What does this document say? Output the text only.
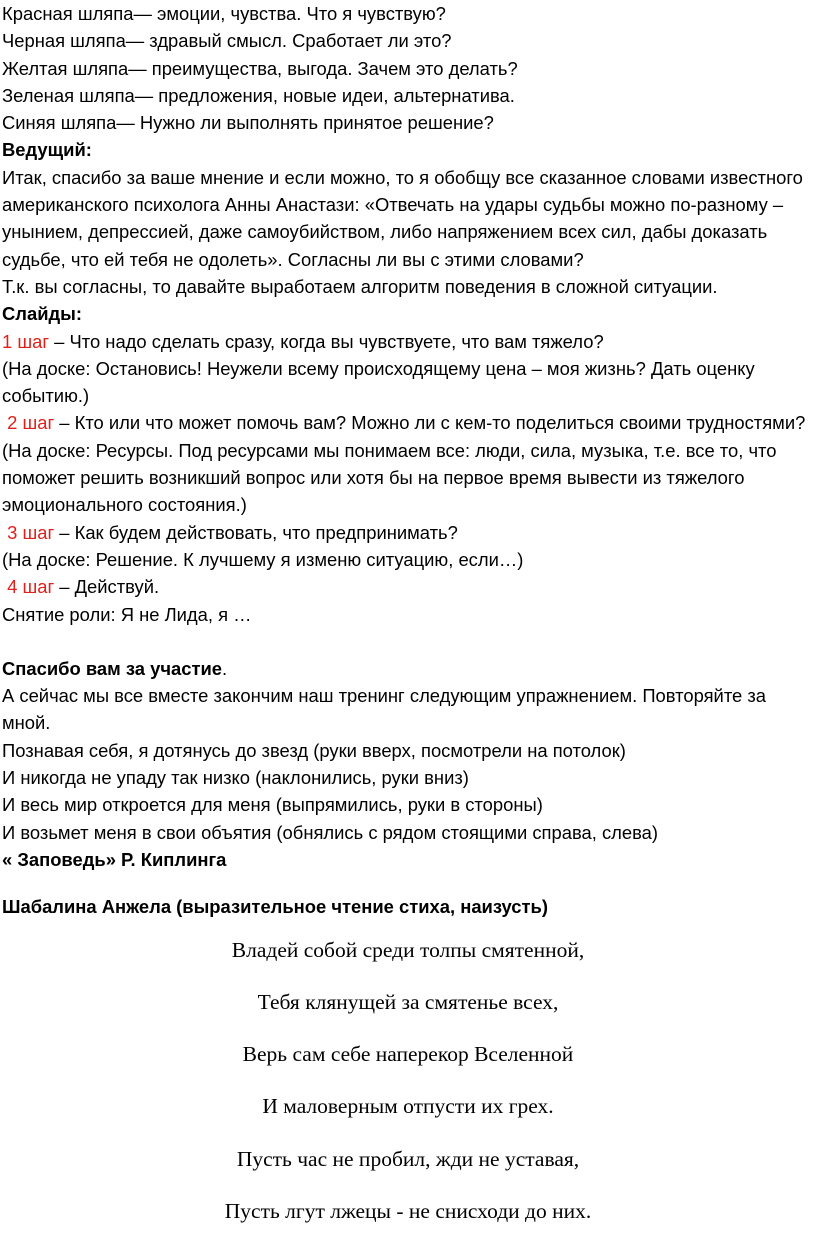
Красная шляпа— эмоции, чувства. Что я чувствую?

Черная шляпа— здравый смысл. Сработает ли это?

Желтая шляпа— преимущества, выгода. Зачем это делать?

Зеленая шляпа— предложения, новые идеи, альтернатива.

Синяя шляпа— Нужно ли выполнять принятое решение?

Ведущий:

Итак, спасибо за ваше мнение и если можно, то я обобщу все сказанное словами известного американского психолога Анны Анастази: «Отвечать на удары судьбы можно по-разному – унынием, депрессией, даже самоубийством, либо напряжением всех сил, дабы доказать судьбе, что ей тебя не одолеть». Согласны ли вы с этими словами?

Т.к. вы согласны, то давайте выработаем алгоритм поведения в сложной ситуации.

Слайды:

1 шаг – Что надо сделать сразу, когда вы чувствуете, что вам тяжело?

(На доске: Остановись! Неужели всему происходящему цена – моя жизнь? Дать оценку событию.)

2 шаг – Кто или что может помочь вам? Можно ли с кем-то поделиться своими трудностями?

(На доске: Ресурсы. Под ресурсами мы понимаем все: люди, сила, музыка, т.е. все то, что поможет решить возникший вопрос или хотя бы на первое время вывести из тяжелого эмоционального состояния.)

3 шаг – Как будем действовать, что предпринимать?

(На доске: Решение. К лучшему я изменю ситуацию, если…)

4 шаг – Действуй.

Снятие роли: Я не Лида, я …

Спасибо вам за участие.

А сейчас мы все вместе закончим наш тренинг следующим упражнением. Повторяйте за мной.

Познавая себя, я дотянусь до звезд (руки вверх, посмотрели на потолок)

И никогда не упаду так низко (наклонились, руки вниз)

И весь мир откроется для меня (выпрямились, руки в стороны)

И возьмет меня в свои объятия (обнялись с рядом стоящими справа, слева)

« Заповедь» Р. Киплинга

Шабалина Анжела (выразительное чтение стиха, наизусть)

Владей собой среди толпы смятенной,

Тебя клянущей за смятенье всех,

Верь сам себе наперекор Вселенной

И маловерным отпусти их грех.

Пусть час не пробил, жди не уставая,

Пусть лгут лжецы - не снисходи до них.
